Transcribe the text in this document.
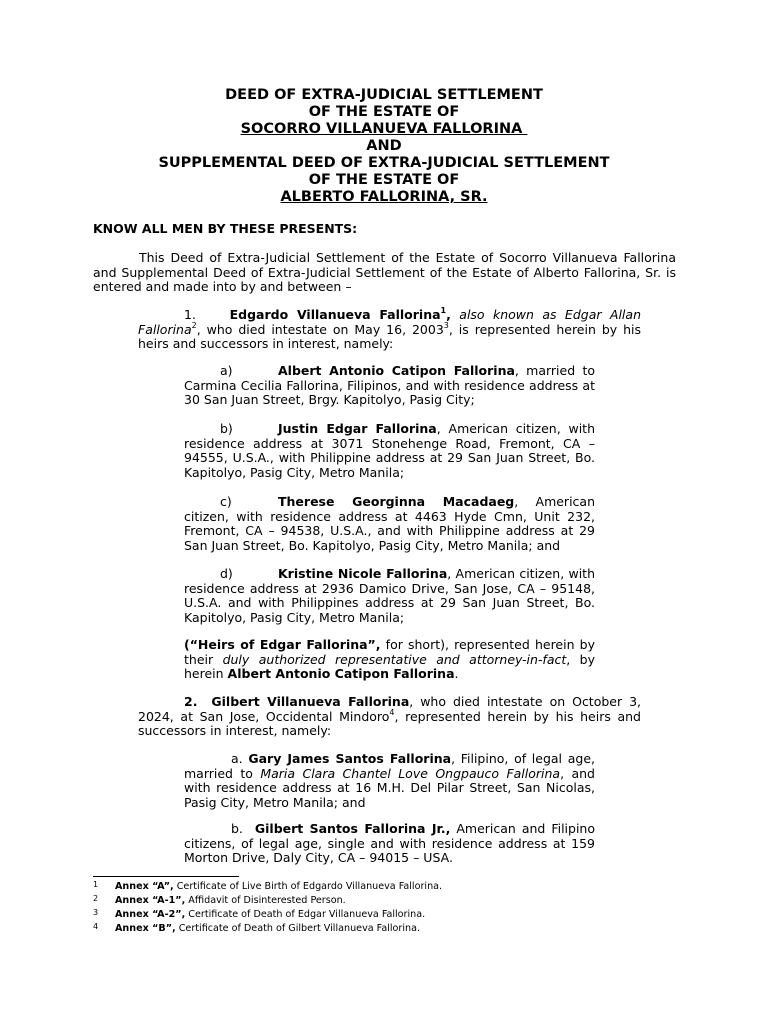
DEED OF EXTRA-JUDICIAL SETTLEMENT
OF THE ESTATE OF
SOCORRO VILLANUEVA FALLORINA
AND
SUPPLEMENTAL DEED OF EXTRA-JUDICIAL SETTLEMENT
OF THE ESTATE OF
ALBERTO FALLORINA, SR.
KNOW ALL MEN BY THESE PRESENTS:
This Deed of Extra-Judicial Settlement of the Estate of Socorro Villanueva Fallorina and Supplemental Deed of Extra-Judicial Settlement of the Estate of Alberto Fallorina, Sr. is entered and made into by and between –
1.	Edgardo Villanueva Fallorina$^1$, also known as Edgar Allan Fallorina$^2$, who died intestate on May 16, 2003$^3$, is represented herein by his heirs and successors in interest, namely:
a)	Albert Antonio Catipon Fallorina, married to Carmina Cecilia Fallorina, Filipinos, and with residence address at 30 San Juan Street, Brgy. Kapitolyo, Pasig City;
b)	Justin Edgar Fallorina, American citizen, with residence address at 3071 Stonehenge Road, Fremont, CA – 94555, U.S.A., with Philippine address at 29 San Juan Street, Bo. Kapitolyo, Pasig City, Metro Manila;
c)	Therese Georginna Macadaeg, American citizen, with residence address at 4463 Hyde Cmn, Unit 232, Fremont, CA – 94538, U.S.A., and with Philippine address at 29 San Juan Street, Bo. Kapitolyo, Pasig City, Metro Manila; and
d)	Kristine Nicole Fallorina, American citizen, with residence address at 2936 Damico Drive, San Jose, CA – 95148, U.S.A. and with Philippines address at 29 San Juan Street, Bo. Kapitolyo, Pasig City, Metro Manila;
(“Heirs of Edgar Fallorina”, for short), represented herein by their duly authorized representative and attorney-in-fact, by herein Albert Antonio Catipon Fallorina.
2. Gilbert Villanueva Fallorina, who died intestate on October 3, 2024, at San Jose, Occidental Mindoro$^4$, represented herein by his heirs and successors in interest, namely:
a. Gary James Santos Fallorina, Filipino, of legal age, married to Maria Clara Chantel Love Ongpauco Fallorina, and with residence address at 16 M.H. Del Pilar Street, San Nicolas, Pasig City, Metro Manila; and
b. Gilbert Santos Fallorina Jr., American and Filipino citizens, of legal age, single and with residence address at 159 Morton Drive, Daly City, CA – 94015 – USA.
1 Annex “A”, Certificate of Live Birth of Edgardo Villanueva Fallorina.
2 Annex “A-1”, Affidavit of Disinterested Person.
3 Annex “A-2”, Certificate of Death of Edgar Villanueva Fallorina.
4 Annex “B”, Certificate of Death of Gilbert Villanueva Fallorina.
